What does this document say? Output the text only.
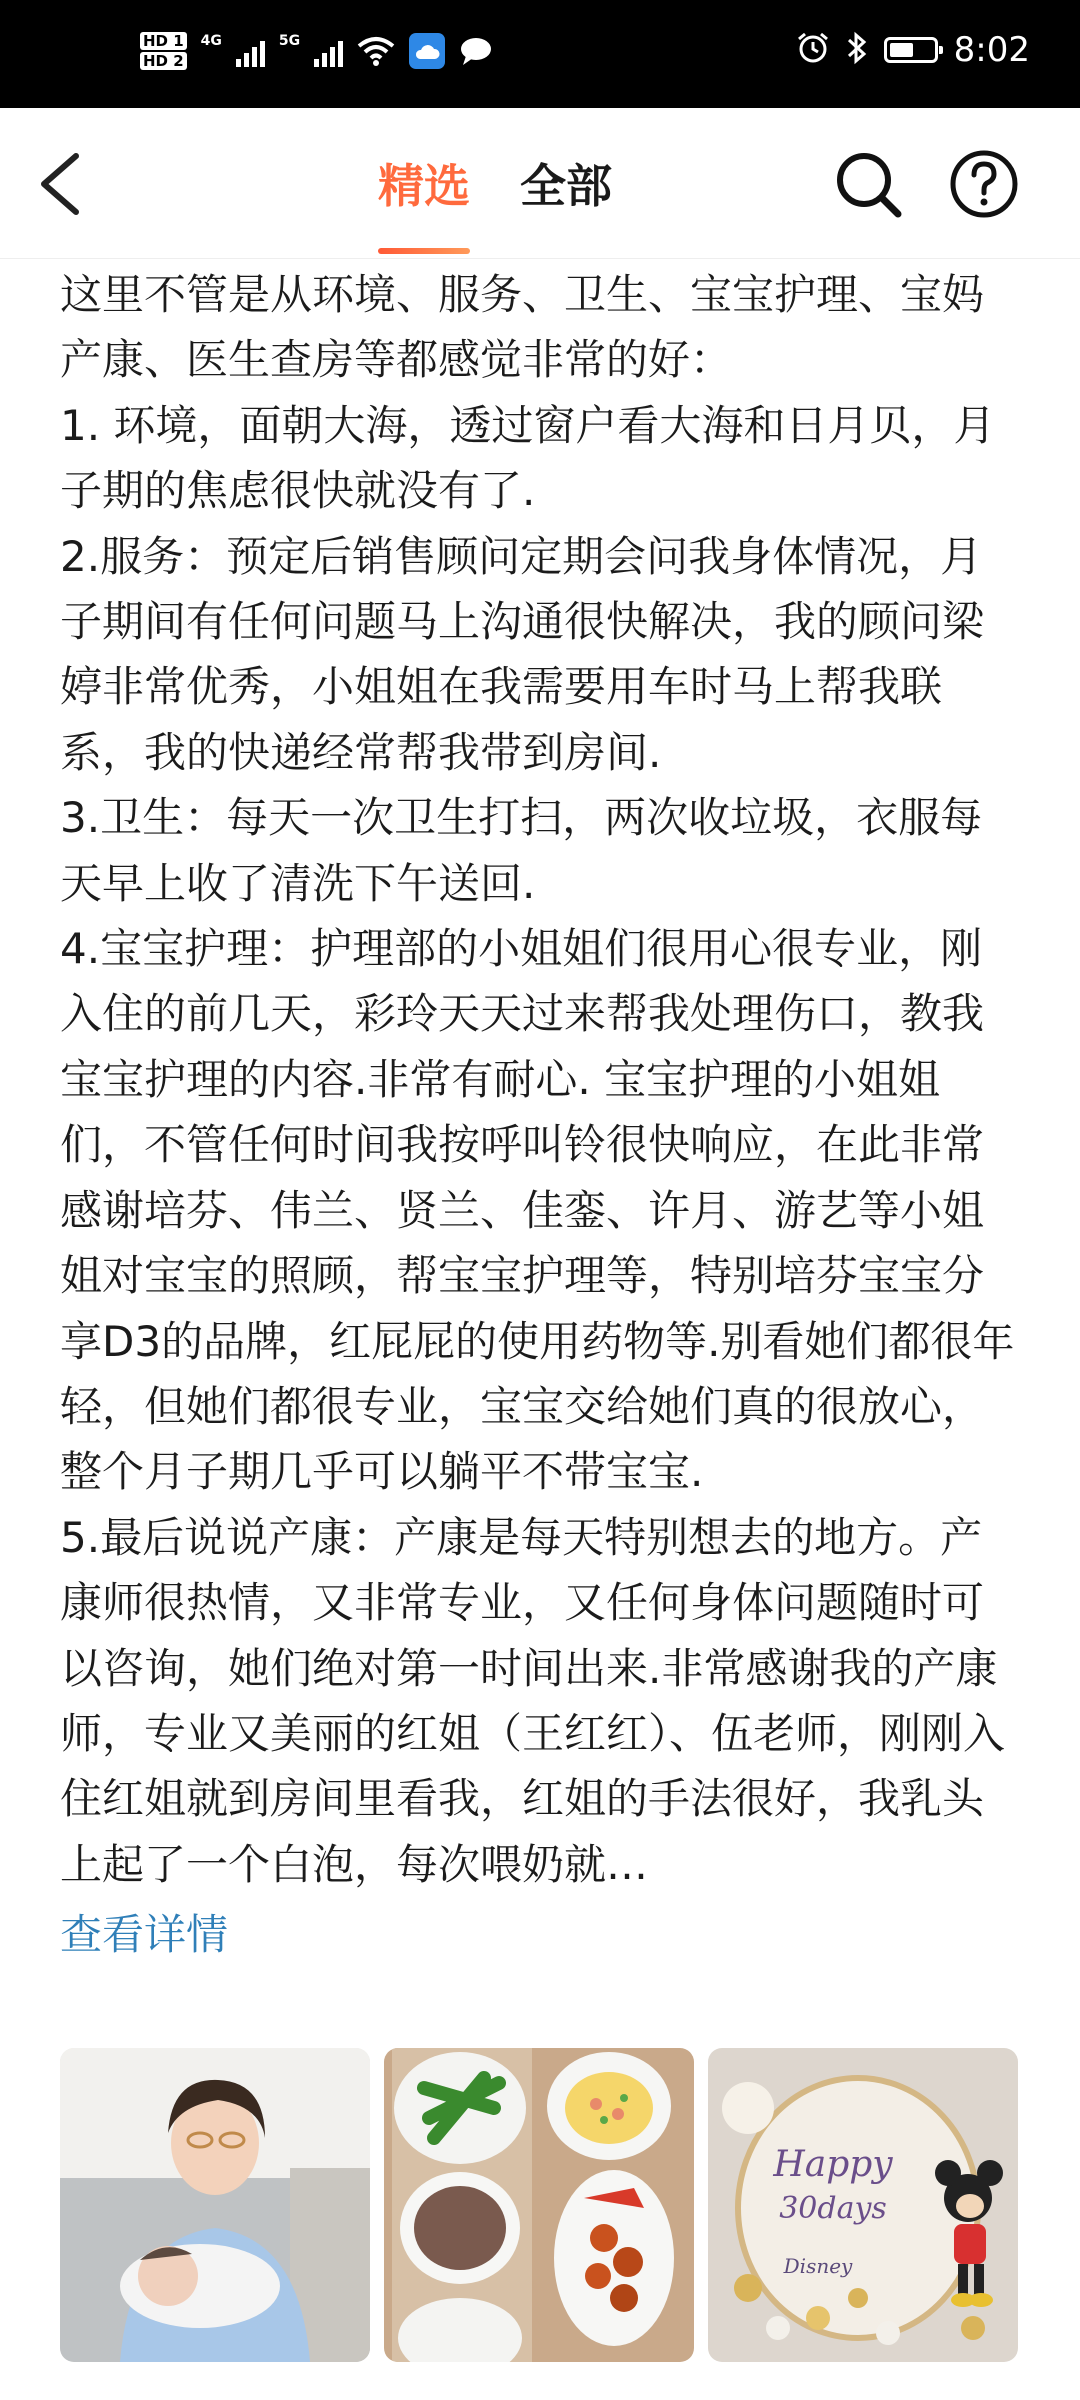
HD 1
HD 2
4G	5G	8:02
精选 全部

这里不管是从环境、服务、卫生、宝宝护理、宝妈产康、医生查房等都感觉非常的好：

1. 环境，面朝大海，透过窗户看大海和日月贝，月子期的焦虑很快就没有了.

2.服务：预定后销售顾问定期会问我身体情况，月子期间有任何问题马上沟通很快解决，我的顾问梁婷非常优秀，小姐姐在我需要用车时马上帮我联系，我的快递经常帮我带到房间.

3.卫生：每天一次卫生打扫，两次收垃圾，衣服每天早上收了清洗下午送回.

4.宝宝护理：护理部的小姐姐们很用心很专业，刚入住的前几天，彩玲天天过来帮我处理伤口，教我宝宝护理的内容.非常有耐心. 宝宝护理的小姐姐们，不管任何时间我按呼叫铃很快响应，在此非常感谢培芬、伟兰、贤兰、佳銮、许月、游艺等小姐姐对宝宝的照顾，帮宝宝护理等，特别培芬宝宝分享D3的品牌，红屁屁的使用药物等.别看她们都很年轻，但她们都很专业，宝宝交给她们真的很放心，整个月子期几乎可以躺平不带宝宝.

5.最后说说产康：产康是每天特别想去的地方。产康师很热情，又非常专业，又任何身体问题随时可以咨询，她们绝对第一时间出来.非常感谢我的产康师，专业又美丽的红姐（王红红）、伍老师，刚刚入住红姐就到房间里看我，红姐的手法很好，我乳头上起了一个白泡，每次喂奶就…

查看详情
Happy
30days
Disney
